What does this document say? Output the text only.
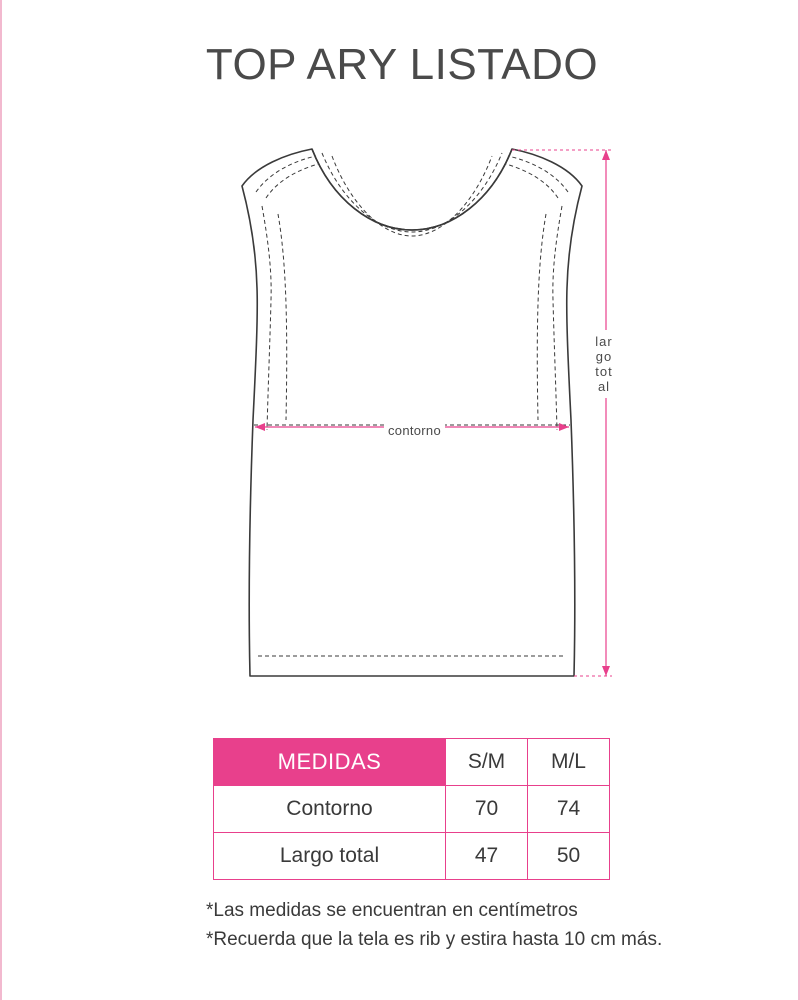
TOP ARY LISTADO
contorno
largo total
MEDIDAS	S/M	M/L
Contorno	70	74
Largo total	47	50
*Las medidas se encuentran en centímetros
*Recuerda que la tela es rib y estira hasta 10 cm más.
